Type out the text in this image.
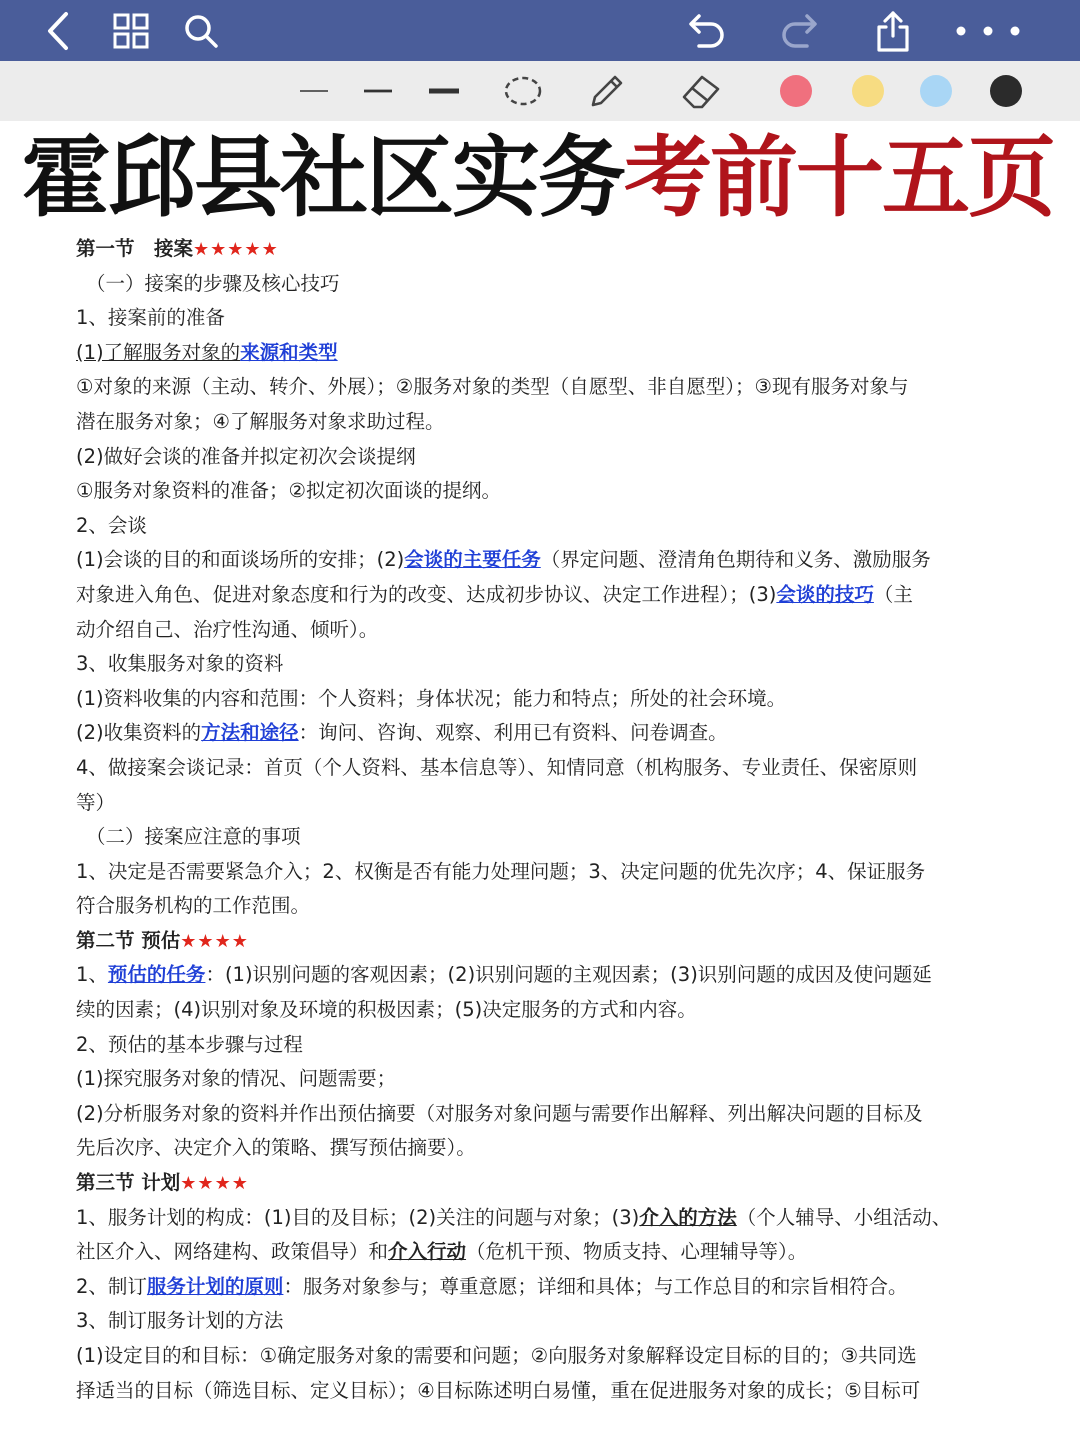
霍邱县社区实务考前十五页
第一节　接案★★★★★
（一）接案的步骤及核心技巧
1、接案前的准备
(1)了解服务对象的来源和类型
①对象的来源（主动、转介、外展）；②服务对象的类型（自愿型、非自愿型）；③现有服务对象与
潜在服务对象；④了解服务对象求助过程。
(2)做好会谈的准备并拟定初次会谈提纲
①服务对象资料的准备；②拟定初次面谈的提纲。
2、会谈
(1)会谈的目的和面谈场所的安排；(2)会谈的主要任务（界定问题、澄清角色期待和义务、激励服务
对象进入角色、促进对象态度和行为的改变、达成初步协议、决定工作进程）；(3)会谈的技巧（主
动介绍自己、治疗性沟通、倾听）。
3、收集服务对象的资料
(1)资料收集的内容和范围：个人资料；身体状况；能力和特点；所处的社会环境。
(2)收集资料的方法和途径：询问、咨询、观察、利用已有资料、问卷调查。
4、做接案会谈记录：首页（个人资料、基本信息等）、知情同意（机构服务、专业责任、保密原则
等）
（二）接案应注意的事项
1、决定是否需要紧急介入；2、权衡是否有能力处理问题；3、决定问题的优先次序；4、保证服务
符合服务机构的工作范围。
第二节 预估★★★★
1、预估的任务：(1)识别问题的客观因素；(2)识别问题的主观因素；(3)识别问题的成因及使问题延
续的因素；(4)识别对象及环境的积极因素；(5)决定服务的方式和内容。
2、预估的基本步骤与过程
(1)探究服务对象的情况、问题需要；
(2)分析服务对象的资料并作出预估摘要（对服务对象问题与需要作出解释、列出解决问题的目标及
先后次序、决定介入的策略、撰写预估摘要）。
第三节 计划★★★★
1、服务计划的构成：(1)目的及目标；(2)关注的问题与对象；(3)介入的方法（个人辅导、小组活动、
社区介入、网络建构、政策倡导）和介入行动（危机干预、物质支持、心理辅导等）。
2、制订服务计划的原则：服务对象参与；尊重意愿；详细和具体；与工作总目的和宗旨相符合。
3、制订服务计划的方法
(1)设定目的和目标：①确定服务对象的需要和问题；②向服务对象解释设定目标的目的；③共同选
择适当的目标（筛选目标、定义目标）；④目标陈述明白易懂，重在促进服务对象的成长；⑤目标可
